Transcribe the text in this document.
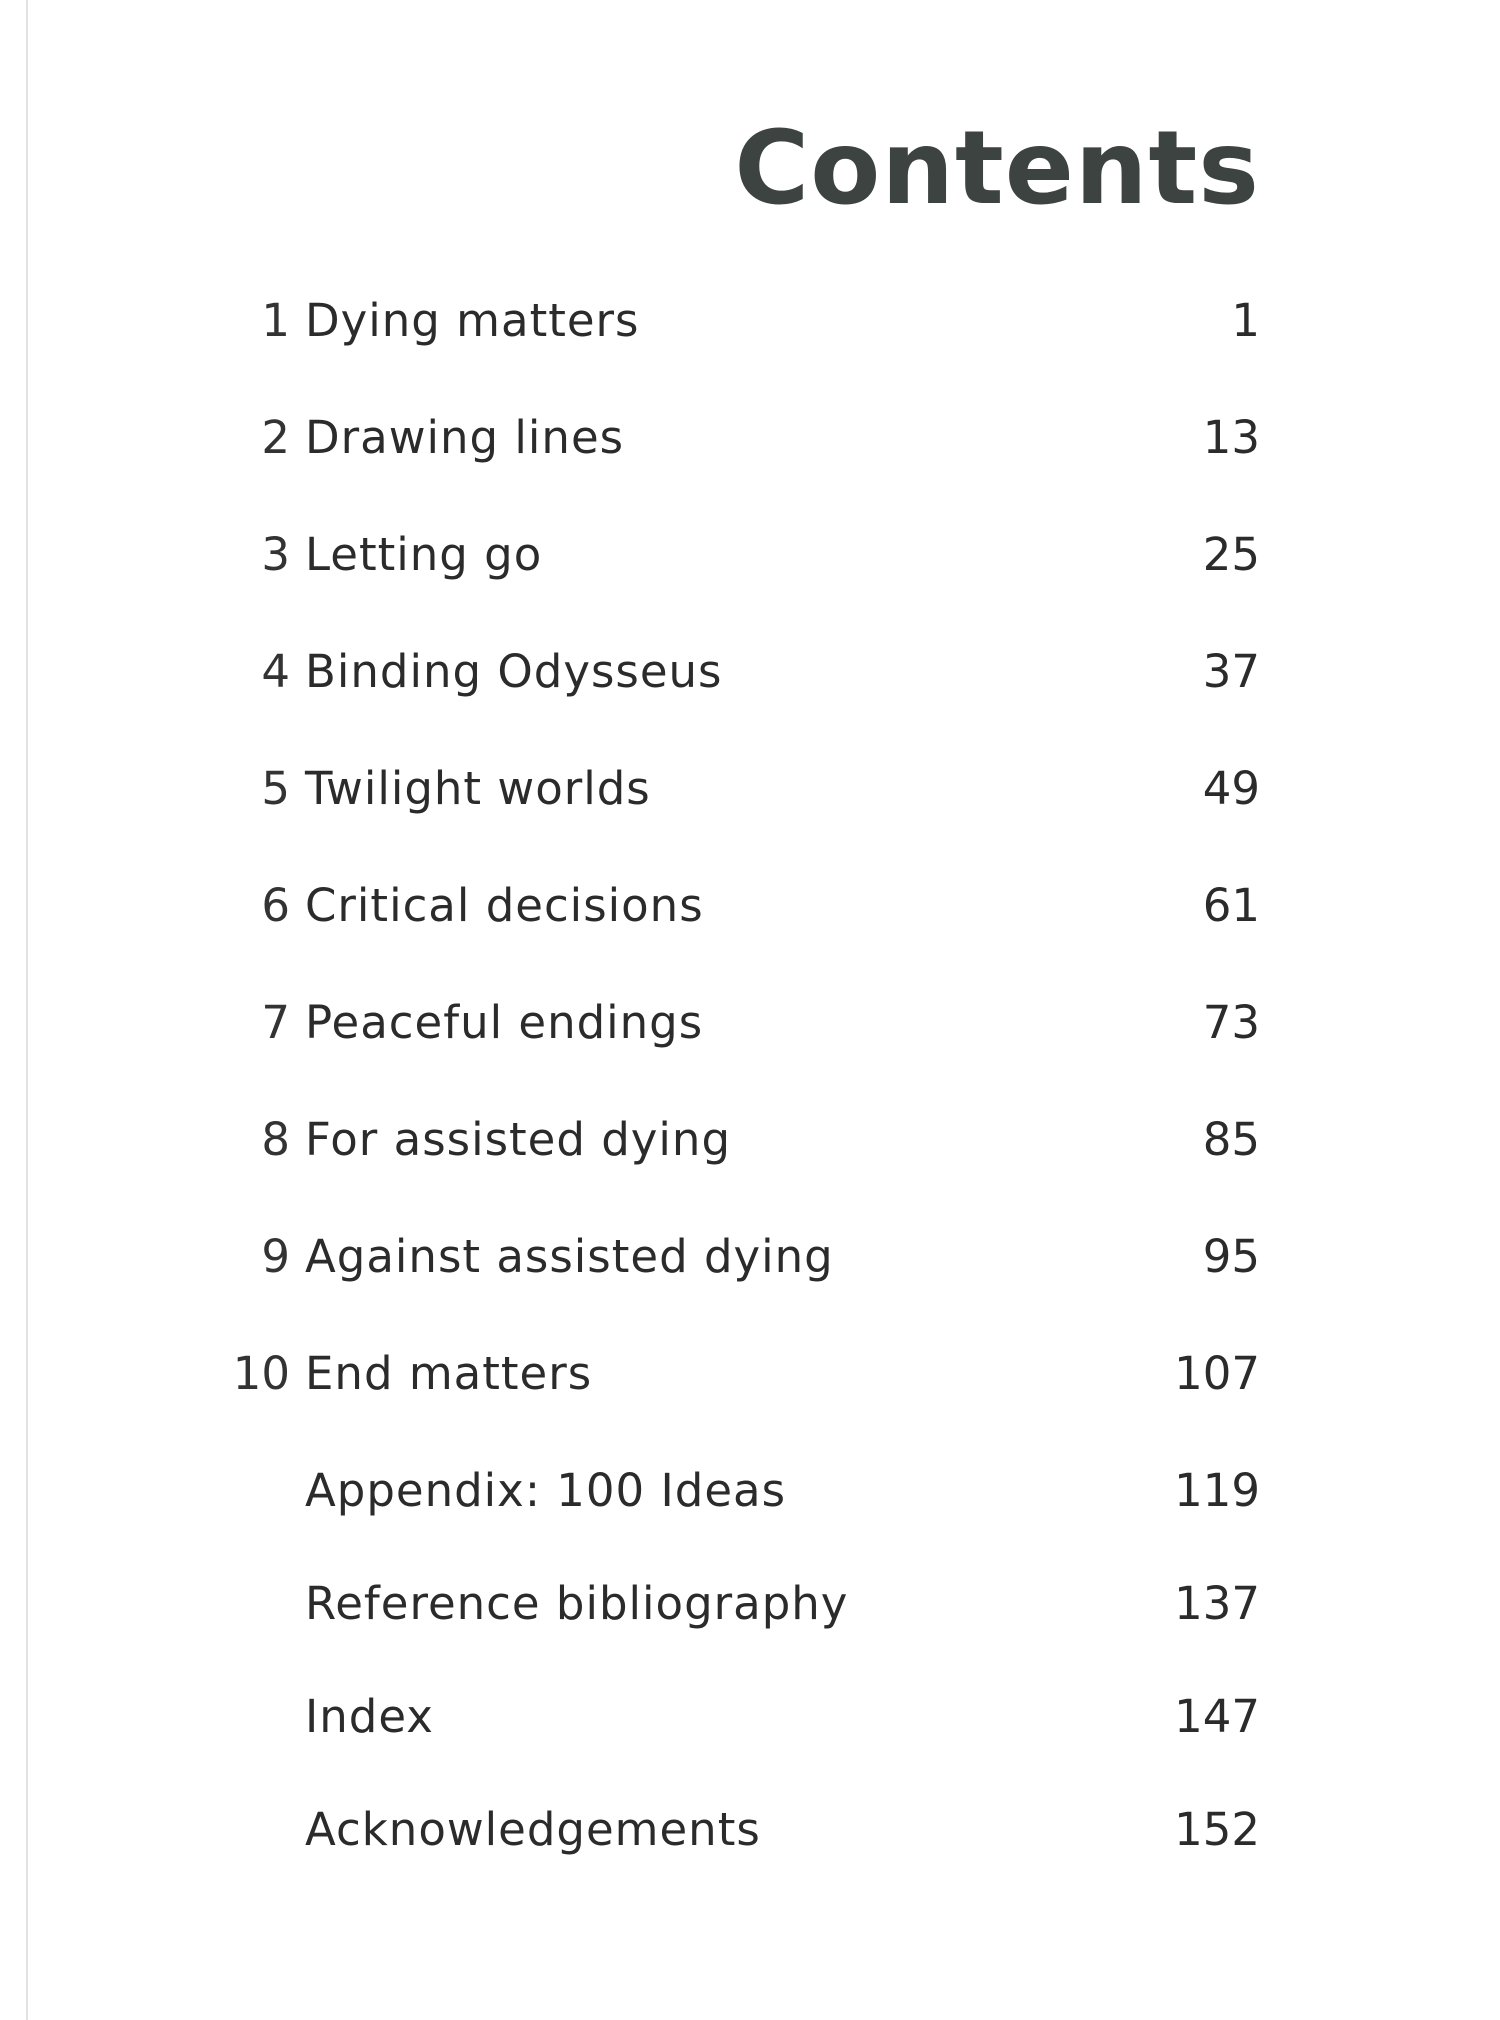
Contents
1 Dying matters	1
2 Drawing lines	13
3 Letting go	25
4 Binding Odysseus	37
5 Twilight worlds	49
6 Critical decisions	61
7 Peaceful endings	73
8 For assisted dying	85
9 Against assisted dying	95
10 End matters	107
Appendix: 100 Ideas	119
Reference bibliography	137
Index	147
Acknowledgements	152
